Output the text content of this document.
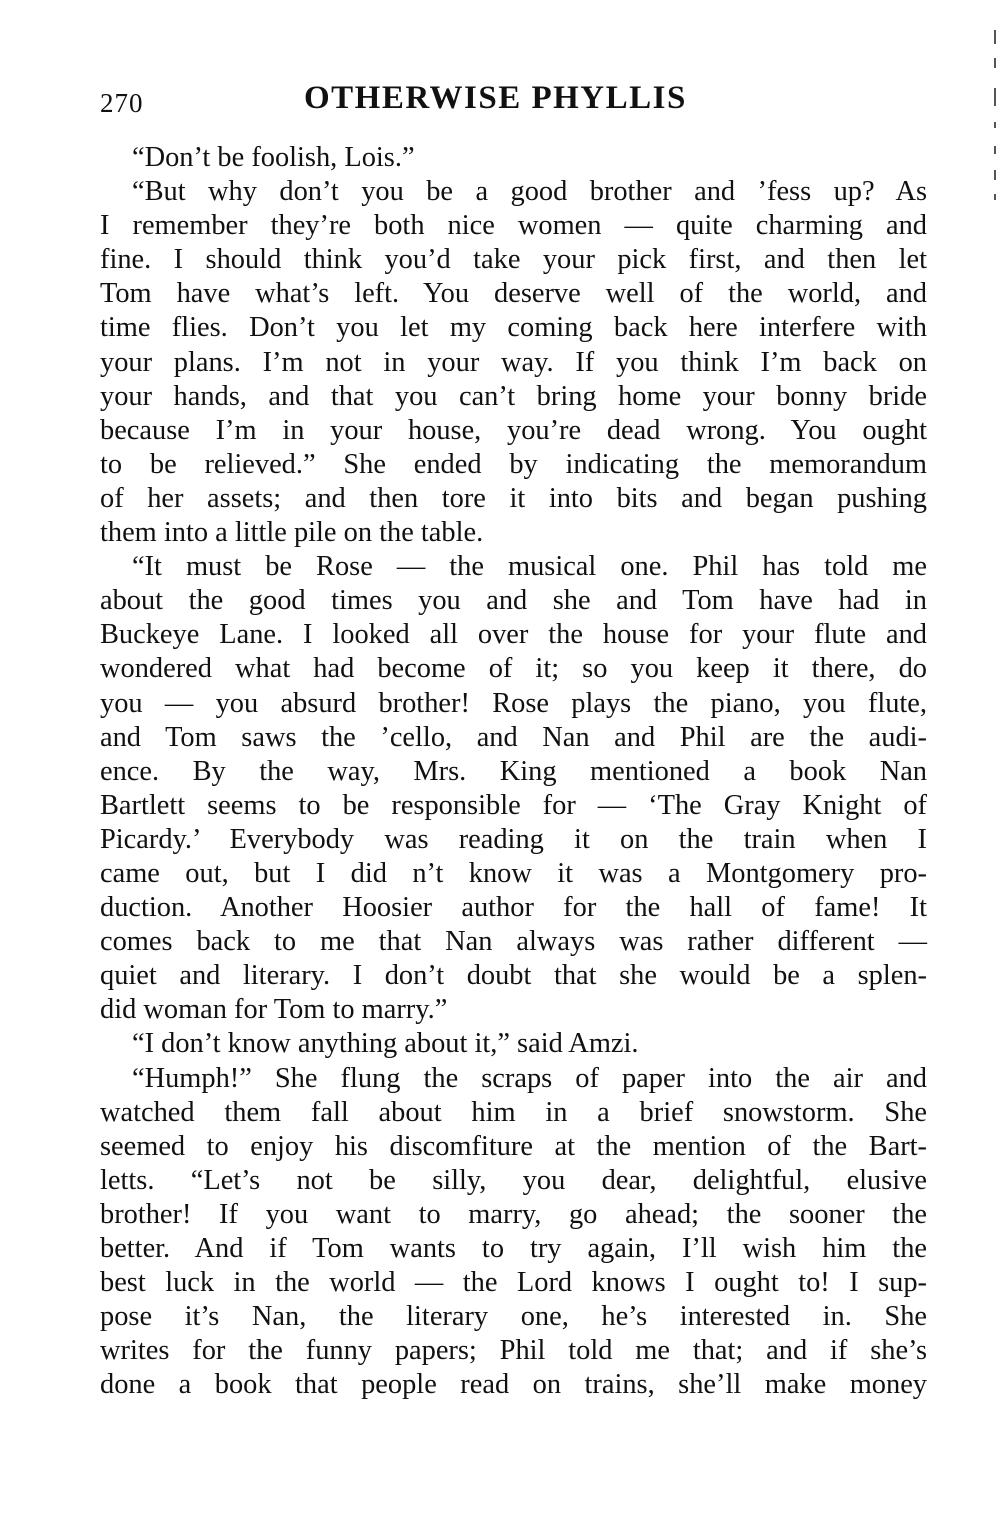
270	OTHERWISE PHYLLIS
“Don’t be foolish, Lois.”
“But why don’t you be a good brother and ’fess up? As
I remember they’re both nice women — quite charming and
fine. I should think you’d take your pick first, and then let
Tom have what’s left. You deserve well of the world, and
time flies. Don’t you let my coming back here interfere with
your plans. I’m not in your way. If you think I’m back on
your hands, and that you can’t bring home your bonny bride
because I’m in your house, you’re dead wrong. You ought
to be relieved.” She ended by indicating the memorandum
of her assets; and then tore it into bits and began pushing
them into a little pile on the table.
“It must be Rose — the musical one. Phil has told me
about the good times you and she and Tom have had in
Buckeye Lane. I looked all over the house for your flute and
wondered what had become of it; so you keep it there, do
you — you absurd brother! Rose plays the piano, you flute,
and Tom saws the ’cello, and Nan and Phil are the audi-
ence. By the way, Mrs. King mentioned a book Nan
Bartlett seems to be responsible for — ‘The Gray Knight of
Picardy.’ Everybody was reading it on the train when I
came out, but I did n’t know it was a Montgomery pro-
duction. Another Hoosier author for the hall of fame! It
comes back to me that Nan always was rather different —
quiet and literary. I don’t doubt that she would be a splen-
did woman for Tom to marry.”
“I don’t know anything about it,” said Amzi.
“Humph!” She flung the scraps of paper into the air and
watched them fall about him in a brief snowstorm. She
seemed to enjoy his discomfiture at the mention of the Bart-
letts. “Let’s not be silly, you dear, delightful, elusive
brother! If you want to marry, go ahead; the sooner the
better. And if Tom wants to try again, I’ll wish him the
best luck in the world — the Lord knows I ought to! I sup-
pose it’s Nan, the literary one, he’s interested in. She
writes for the funny papers; Phil told me that; and if she’s
done a book that people read on trains, she’ll make money
